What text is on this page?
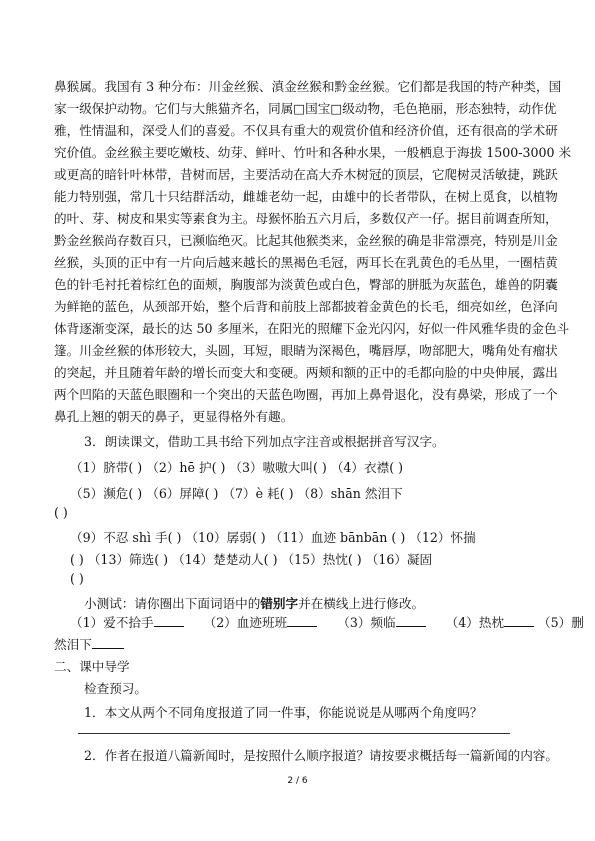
鼻猴属。我国有 3 种分布：川金丝猴、滇金丝猴和黔金丝猴。它们都是我国的特产种类，国
家一级保护动物。它们与大熊猫齐名，同属□国宝□级动物，毛色艳丽，形态独特，动作优
雅，性情温和，深受人们的喜爱。不仅具有重大的观赏价值和经济价值，还有很高的学术研
究价值。金丝猴主要吃嫩枝、幼芽、鲜叶、竹叶和各种水果，一般栖息于海拔 1500-3000 米
或更高的暗针叶林带，昔树而居，主要活动在高大乔木树冠的顶层，它爬树灵活敏捷，跳跃
能力特别强，常几十只结群活动，雌雄老幼一起，由雄中的长者带队，在树上觅食，以植物
的叶、芽、树皮和果实等素食为主。母猴怀胎五六月后，多数仅产一仔。据目前调查所知，
黔金丝猴尚存数百只，已濒临绝灭。比起其他猴类来，金丝猴的确是非常漂亮，特别是川金
丝猴，头顶的正中有一片向后越来越长的黑褐色毛冠，两耳长在乳黄色的毛丛里，一圈桔黄
色的针毛衬托着棕红色的面颊，胸腹部为淡黄色或白色，臀部的胼胝为灰蓝色，雄兽的阴囊
为鲜艳的蓝色，从颈部开始，整个后背和前肢上部都披着金黄色的长毛，细亮如丝，色泽向
体背逐渐变深，最长的达 50 多厘米，在阳光的照耀下金光闪闪，好似一件风雅华贵的金色斗
篷。川金丝猴的体形较大，头圆，耳短，眼睛为深褐色，嘴唇厚，吻部肥大，嘴角处有瘤状
的突起，并且随着年龄的增长而变大和变硬。两颊和额的正中的毛都向脸的中央伸展，露出
两个凹陷的天蓝色眼圈和一个突出的天蓝色吻圈，再加上鼻骨退化，没有鼻梁，形成了一个
鼻孔上翘的朝天的鼻子，更显得格外有趣。

3．朗读课文，借助工具书给下列加点字注音或根据拼音写汉字。

（1）脐带( ) （2）hē 护( ) （3）嗷嗷大叫( ) （4）衣襟( )

（5）濒危( ) （6）屏障( ) （7）è 耗( ) （8）shān 然泪下

( )

（9）不忍 shì 手( ) （10）孱弱( ) （11）血迹 bānbān ( ) （12）怀揣

( ) （13）筛选( ) （14）楚楚动人( ) （15）热忱( ) （16）凝固

( )

小测试：请你圈出下面词语中的错别字并在横线上进行修改。

（1）爱不拾手	（2）血迹班班	（3）频临	（4）热枕	（5）删

然泪下

二、课中导学

检查预习。

2 / 6

1．本文从两个不同角度报道了同一件事，你能说说是从哪两个角度吗？

2．作者在报道八篇新闻时，是按照什么顺序报道？请按要求概括每一篇新闻的内容。
